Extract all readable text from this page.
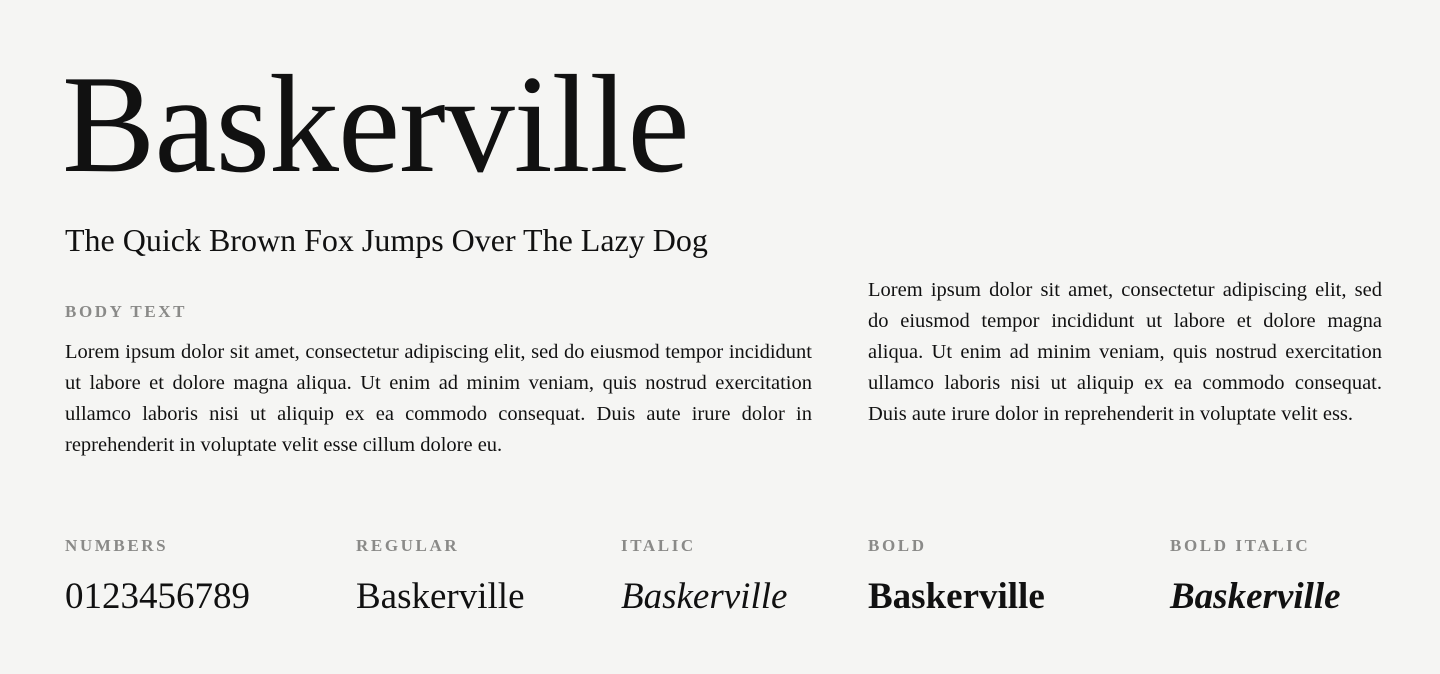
Baskerville
The Quick Brown Fox Jumps Over The Lazy Dog
BODY TEXT

Lorem ipsum dolor sit amet, consectetur adipiscing elit, sed do eiusmod tempor incididunt ut labore et dolore magna aliqua. Ut enim ad minim veniam, quis nostrud exercitation ullamco laboris nisi ut aliquip ex ea commodo consequat. Duis aute irure dolor in reprehenderit in voluptate velit esse cillum dolore eu.

Lorem ipsum dolor sit amet, consectetur adipiscing elit, sed do eiusmod tempor incididunt ut labore et dolore magna aliqua. Ut enim ad minim veniam, quis nostrud exercitation ullamco laboris nisi ut aliquip ex ea commodo consequat. Duis aute irure dolor in reprehenderit in voluptate velit ess.

NUMBERS
0123456789
REGULAR
Baskerville
ITALIC
Baskerville
BOLD
Baskerville
BOLD ITALIC
Baskerville
